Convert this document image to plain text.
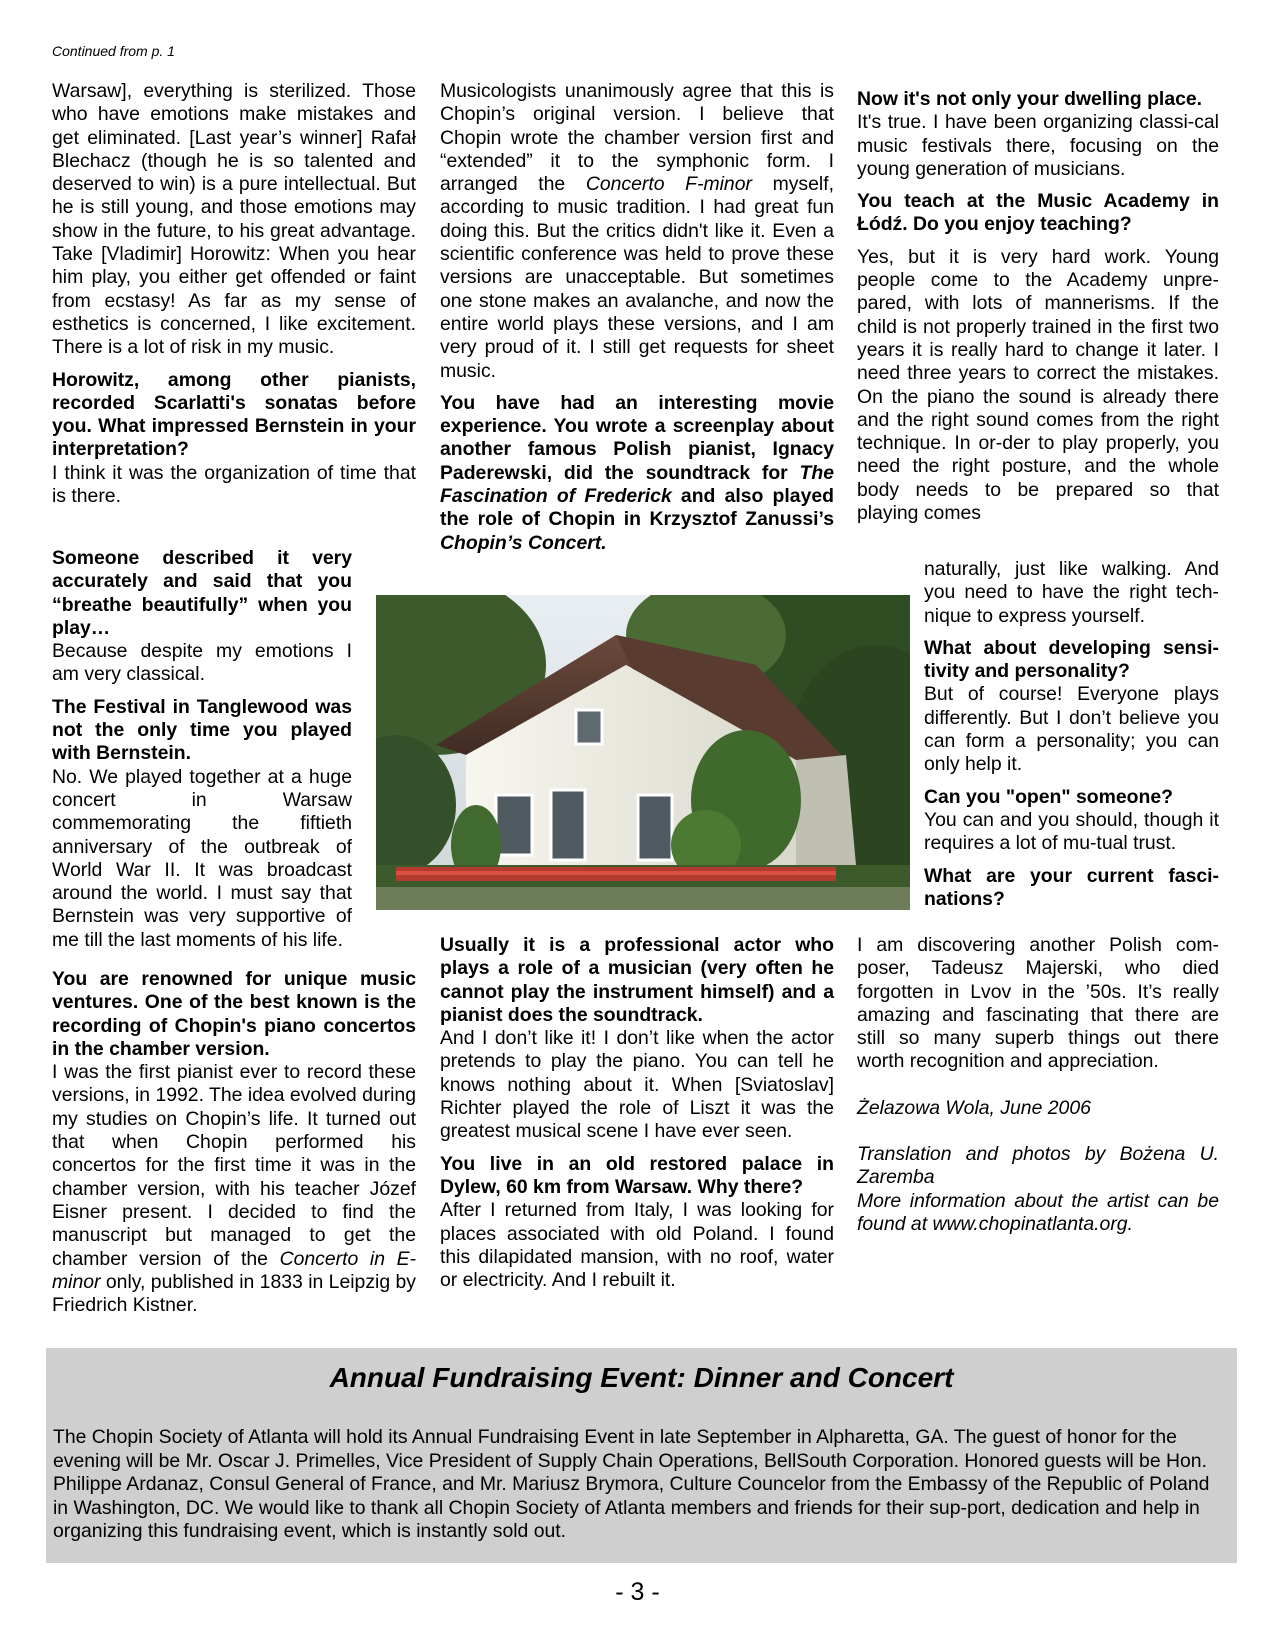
Continued from p. 1

Warsaw], everything is sterilized. Those who have emotions make mistakes and get eliminated. [Last year’s winner] Rafał Blechacz (though he is so talented and deserved to win) is a pure intellectual. But he is still young, and those emotions may show in the future, to his great advantage. Take [Vladimir] Horowitz: When you hear him play, you either get offended or faint from ecstasy! As far as my sense of esthetics is concerned, I like excitement. There is a lot of risk in my music.

Horowitz, among other pianists, recorded Scarlatti's sonatas before you. What impressed Bernstein in your interpretation?

I think it was the organization of time that is there.

Someone described it very accurately and said that you “breathe beautifully” when you play…

Because despite my emotions I am very classical.

The Festival in Tanglewood was not the only time you played with Bernstein.

No. We played together at a huge concert in Warsaw commemorating the fiftieth anniversary of the outbreak of World War II. It was broadcast around the world. I must say that Bernstein was very supportive of me till the last moments of his life.

You are renowned for unique music ventures. One of the best known is the recording of Chopin's piano concertos in the chamber version.

I was the first pianist ever to record these versions, in 1992. The idea evolved during my studies on Chopin’s life. It turned out that when Chopin performed his concertos for the first time it was in the chamber version, with his teacher Józef Eisner present. I decided to find the manuscript but managed to get the chamber version of the Concerto in E-minor only, published in 1833 in Leipzig by Friedrich Kistner.

Musicologists unanimously agree that this is Chopin’s original version. I believe that Chopin wrote the chamber version first and “extended” it to the symphonic form. I arranged the Concerto F-minor myself, according to music tradition. I had great fun doing this. But the critics didn't like it. Even a scientific conference was held to prove these versions are unacceptable. But sometimes one stone makes an avalanche, and now the entire world plays these versions, and I am very proud of it. I still get requests for sheet music.

You have had an interesting movie experience. You wrote a screenplay about another famous Polish pianist, Ignacy Paderewski, did the soundtrack for The Fascination of Frederick and also played the role of Chopin in Krzysztof Zanussi’s Chopin’s Concert.

Usually it is a professional actor who plays a role of a musician (very often he cannot play the instrument himself) and a pianist does the soundtrack.

And I don’t like it! I don’t like when the actor pretends to play the piano. You can tell he knows nothing about it. When [Sviatoslav] Richter played the role of Liszt it was the greatest musical scene I have ever seen.

You live in an old restored palace in Dylew, 60 km from Warsaw. Why there?

After I returned from Italy, I was looking for places associated with old Poland. I found this dilapidated mansion, with no roof, water or electricity. And I rebuilt it.

Now it's not only your dwelling place.

It's true. I have been organizing classi-cal music festivals there, focusing on the young generation of musicians.

You teach at the Music Academy in Łódź. Do you enjoy teaching?

Yes, but it is very hard work. Young people come to the Academy unpre-pared, with lots of mannerisms. If the child is not properly trained in the first two years it is really hard to change it later. I need three years to correct the mistakes. On the piano the sound is already there and the right sound comes from the right technique. In or-der to play properly, you need the right posture, and the whole body needs to be prepared so that playing comes

naturally, just like walking. And you need to have the right tech-nique to express yourself.

What about developing sensi-tivity and personality?

But of course! Everyone plays differently. But I don’t believe you can form a personality; you can only help it.

Can you "open" someone?

You can and you should, though it requires a lot of mu-tual trust.

What are your current fasci-nations?

I am discovering another Polish com-poser, Tadeusz Majerski, who died forgotten in Lvov in the ’50s. It’s really amazing and fascinating that there are still so many superb things out there worth recognition and appreciation.

Żelazowa Wola, June 2006

Translation and photos by Bożena U. Zaremba

More information about the artist can be found at www.chopinatlanta.org.

Annual Fundraising Event: Dinner and Concert
The Chopin Society of Atlanta will hold its Annual Fundraising Event in late September in Alpharetta, GA. The guest of honor for the evening will be Mr. Oscar J. Primelles, Vice President of Supply Chain Operations, BellSouth Corporation. Honored guests will be Hon. Philippe Ardanaz, Consul General of France, and Mr. Mariusz Brymora, Culture Councelor from the Embassy of the Republic of Poland in Washington, DC. We would like to thank all Chopin Society of Atlanta members and friends for their sup-port, dedication and help in organizing this fundraising event, which is instantly sold out.
- 3 -
